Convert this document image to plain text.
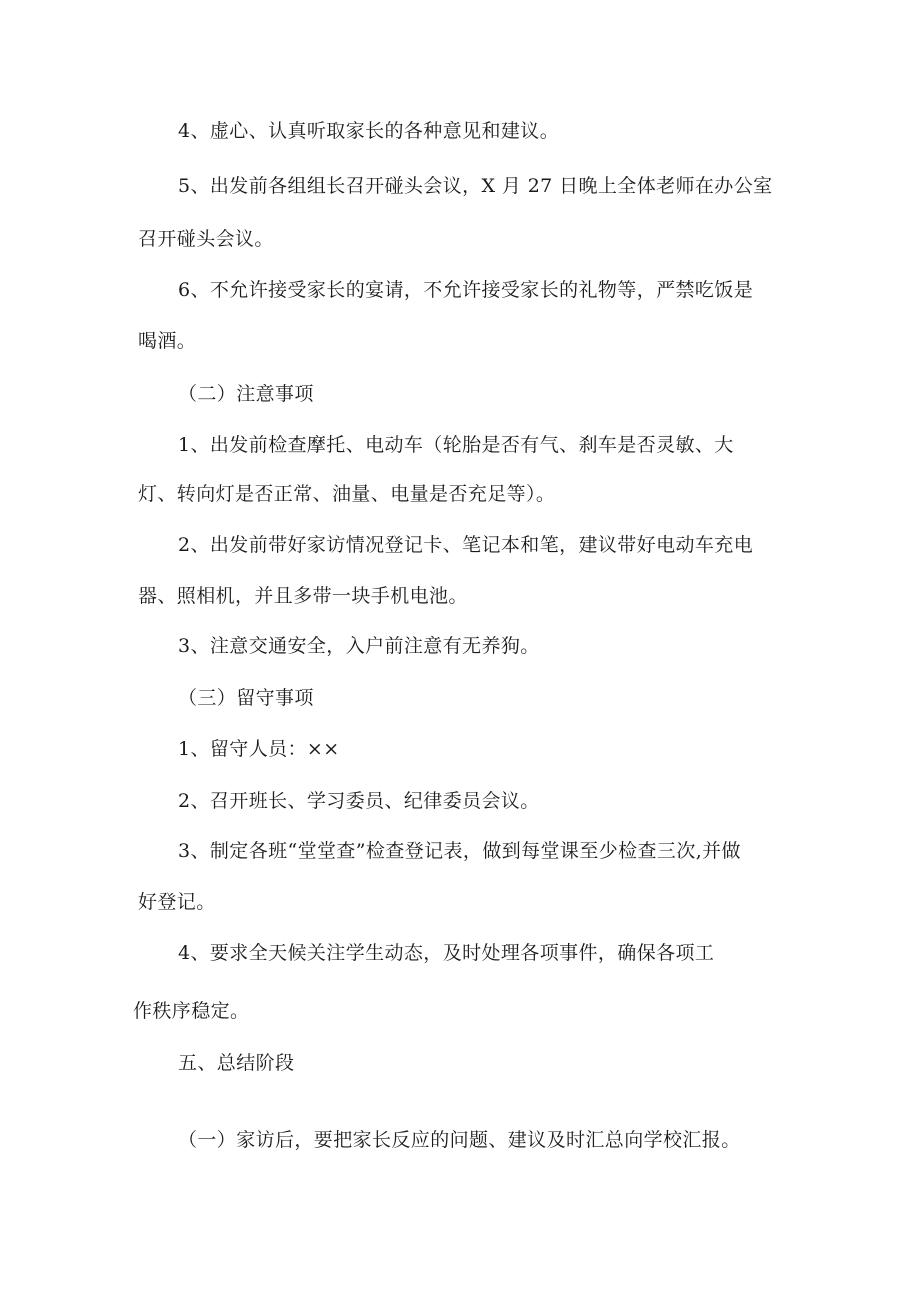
4、虚心、认真听取家长的各种意见和建议。
5、出发前各组组长召开碰头会议，X 月 27 日晚上全体老师在办公室
召开碰头会议。
6、不允许接受家长的宴请，不允许接受家长的礼物等，严禁吃饭是
喝酒。
（二）注意事项
1、出发前检查摩托、电动车（轮胎是否有气、刹车是否灵敏、大
灯、转向灯是否正常、油量、电量是否充足等）。
2、出发前带好家访情况登记卡、笔记本和笔，建议带好电动车充电
器、照相机，并且多带一块手机电池。
3、注意交通安全，入户前注意有无养狗。
（三）留守事项
1、留守人员：××
2、召开班长、学习委员、纪律委员会议。
3、制定各班“堂堂查”检查登记表，做到每堂课至少检查三次,并做
好登记。
4、要求全天候关注学生动态，及时处理各项事件，确保各项工
作秩序稳定。
五、总结阶段
（一）家访后，要把家长反应的问题、建议及时汇总向学校汇报。
